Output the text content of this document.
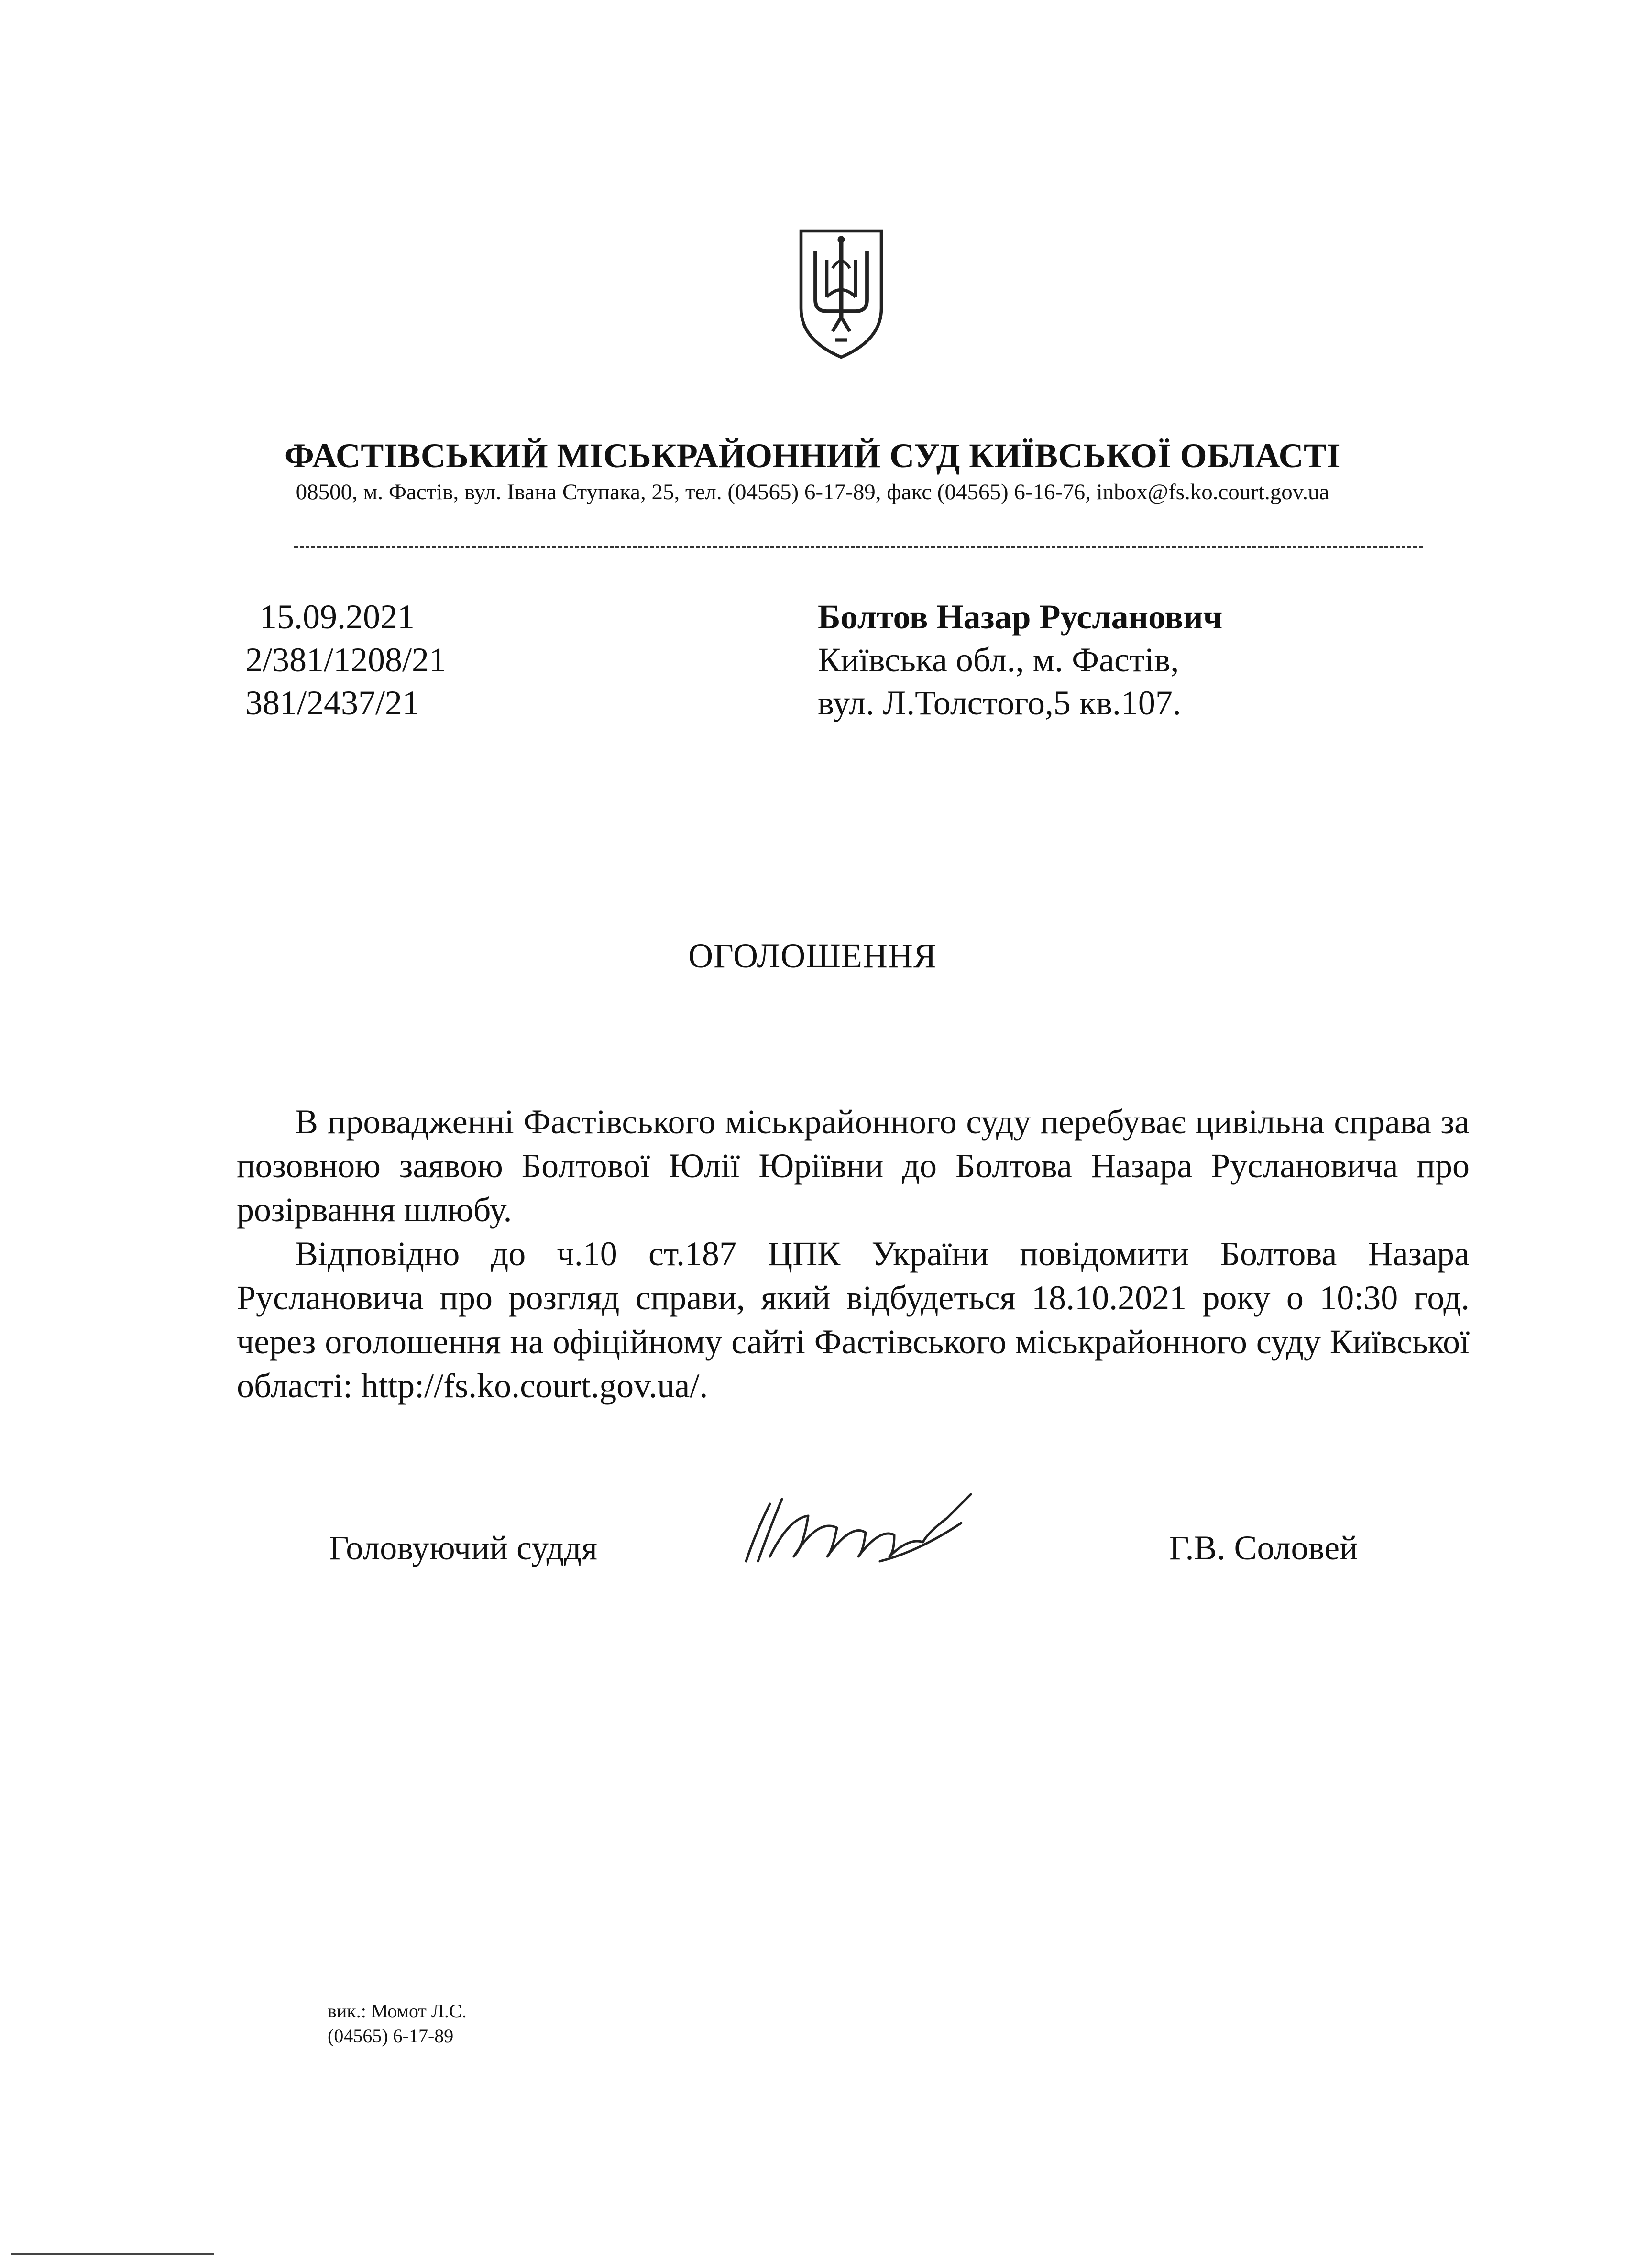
ФАСТІВСЬКИЙ МІСЬКРАЙОННИЙ СУД КИЇВСЬКОЇ ОБЛАСТІ
08500, м. Фастів, вул. Івана Ступака, 25, тел. (04565) 6-17-89, факс (04565) 6-16-76, inbox@fs.ko.court.gov.ua
15.09.2021
2/381/1208/21
381/2437/21
Болтов Назар Русланович
Київська обл., м. Фастів,
вул. Л.Толстого,5 кв.107.
ОГОЛОШЕННЯ

В провадженні Фастівського міськрайонного суду перебуває цивільна справа за позовною заявою Болтової Юлії Юріївни до Болтова Назара Руслановича про розірвання шлюбу.

Відповідно до ч.10 ст.187 ЦПК України повідомити Болтова Назара Руслановича про розгляд справи, який відбудеться 18.10.2021 року о 10:30 год. через оголошення на офіційному сайті Фастівського міськрайонного суду Київської області: http://fs.ko.court.gov.ua/.

Головуючий суддя	Г.В. Соловей
вик.: Момот Л.С.
(04565) 6-17-89
